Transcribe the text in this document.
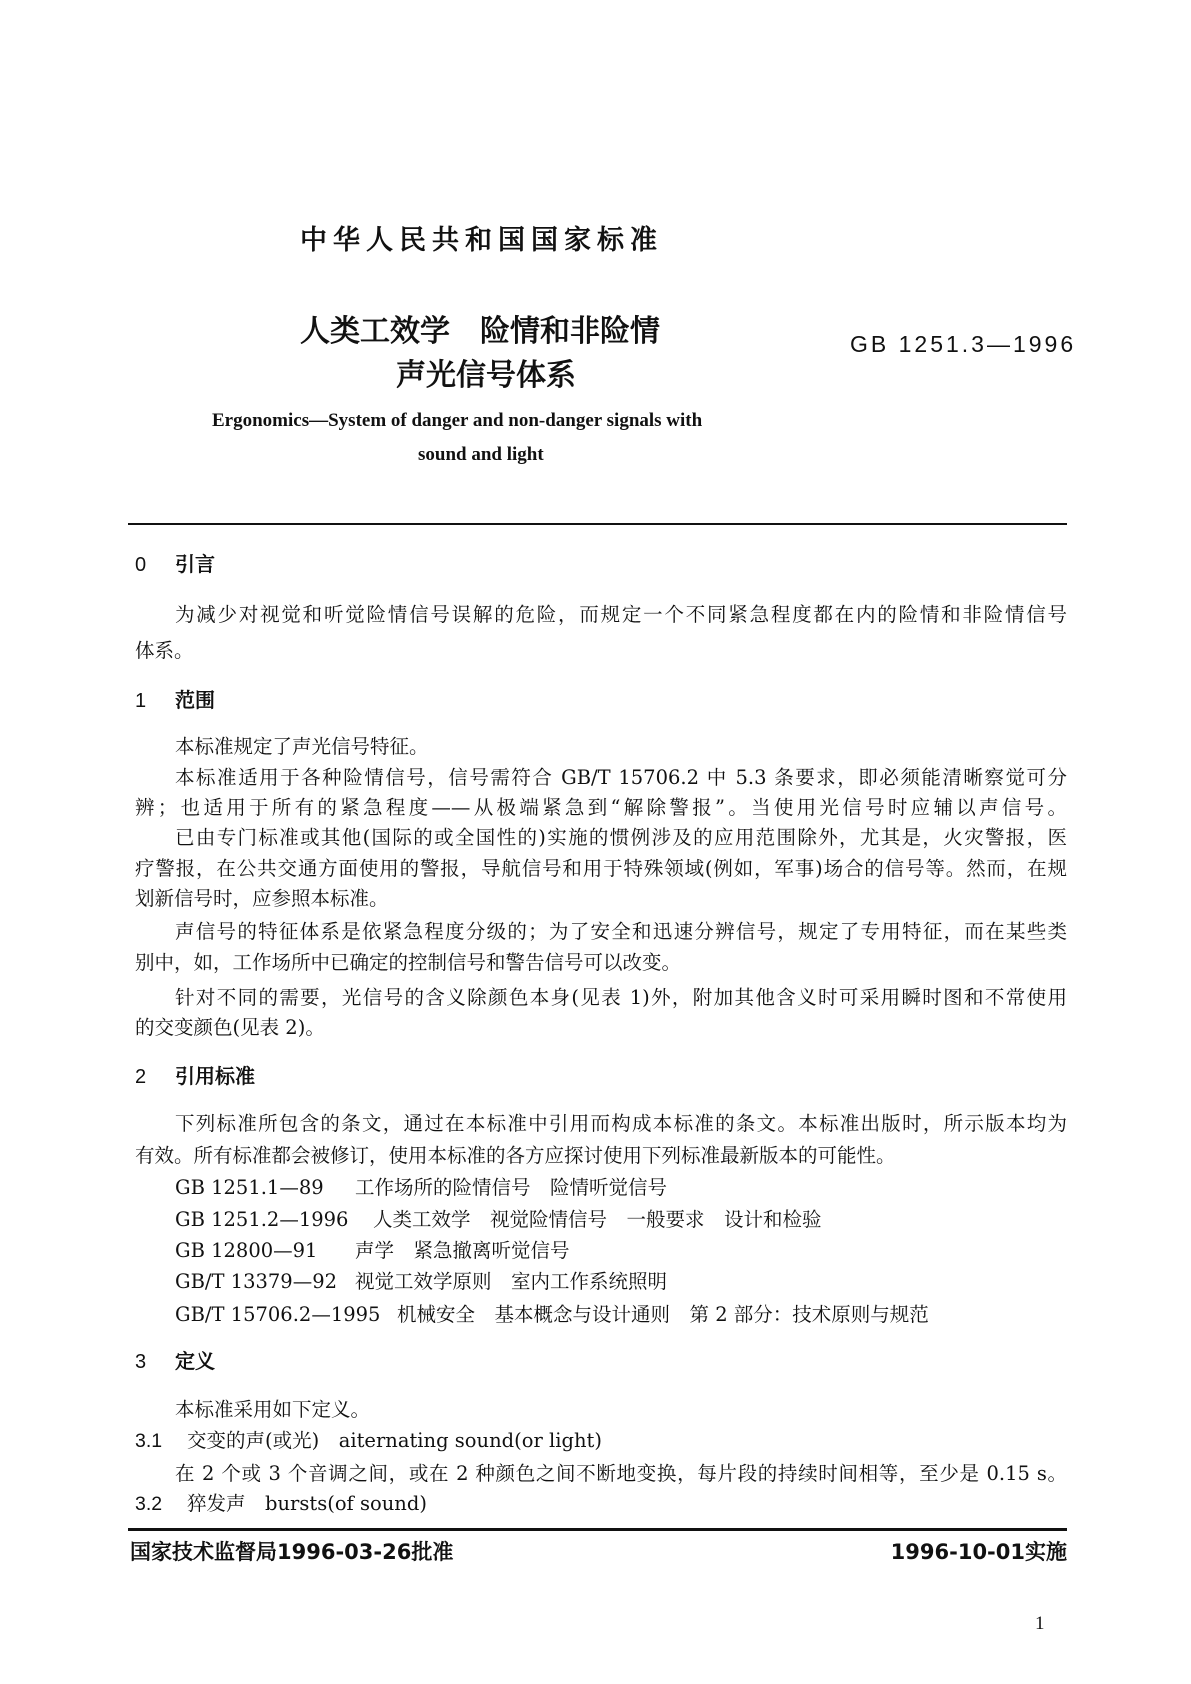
中华人民共和国国家标准
人类工效学　险情和非险情
声光信号体系
GB 1251.3—1996
Ergonomics—System of danger and non-danger signals with
sound and light
0 引言
为减少对视觉和听觉险情信号误解的危险，而规定一个不同紧急程度都在内的险情和非险情信号
体系。
1 范围
本标准规定了声光信号特征。
本标准适用于各种险情信号，信号需符合 GB/T 15706.2 中 5.3 条要求，即必须能清晰察觉可分
辨；也适用于所有的紧急程度——从极端紧急到“解除警报”。当使用光信号时应辅以声信号。
已由专门标准或其他(国际的或全国性的)实施的惯例涉及的应用范围除外，尤其是，火灾警报，医
疗警报，在公共交通方面使用的警报，导航信号和用于特殊领域(例如，军事)场合的信号等。然而，在规
划新信号时，应参照本标准。
声信号的特征体系是依紧急程度分级的；为了安全和迅速分辨信号，规定了专用特征，而在某些类
别中，如，工作场所中已确定的控制信号和警告信号可以改变。
针对不同的需要，光信号的含义除颜色本身(见表 1)外，附加其他含义时可采用瞬时图和不常使用
的交变颜色(见表 2)。
2 引用标准
下列标准所包含的条文，通过在本标准中引用而构成本标准的条文。本标准出版时，所示版本均为
有效。所有标准都会被修订，使用本标准的各方应探讨使用下列标准最新版本的可能性。
GB 1251.1—89 工作场所的险情信号　险情听觉信号
GB 1251.2—1996 人类工效学　视觉险情信号　一般要求　设计和检验
GB 12800—91 声学　紧急撤离听觉信号
GB/T 13379—92 视觉工效学原则　室内工作系统照明
GB/T 15706.2—1995 机械安全　基本概念与设计通则　第 2 部分：技术原则与规范
3 定义
本标准采用如下定义。
3.1 交变的声(或光)　aiternating sound(or light)
在 2 个或 3 个音调之间，或在 2 种颜色之间不断地变换，每片段的持续时间相等，至少是 0.15 s。
3.2 猝发声　bursts(of sound)
国家技术监督局1996-03-26批准	1996-10-01实施
1
